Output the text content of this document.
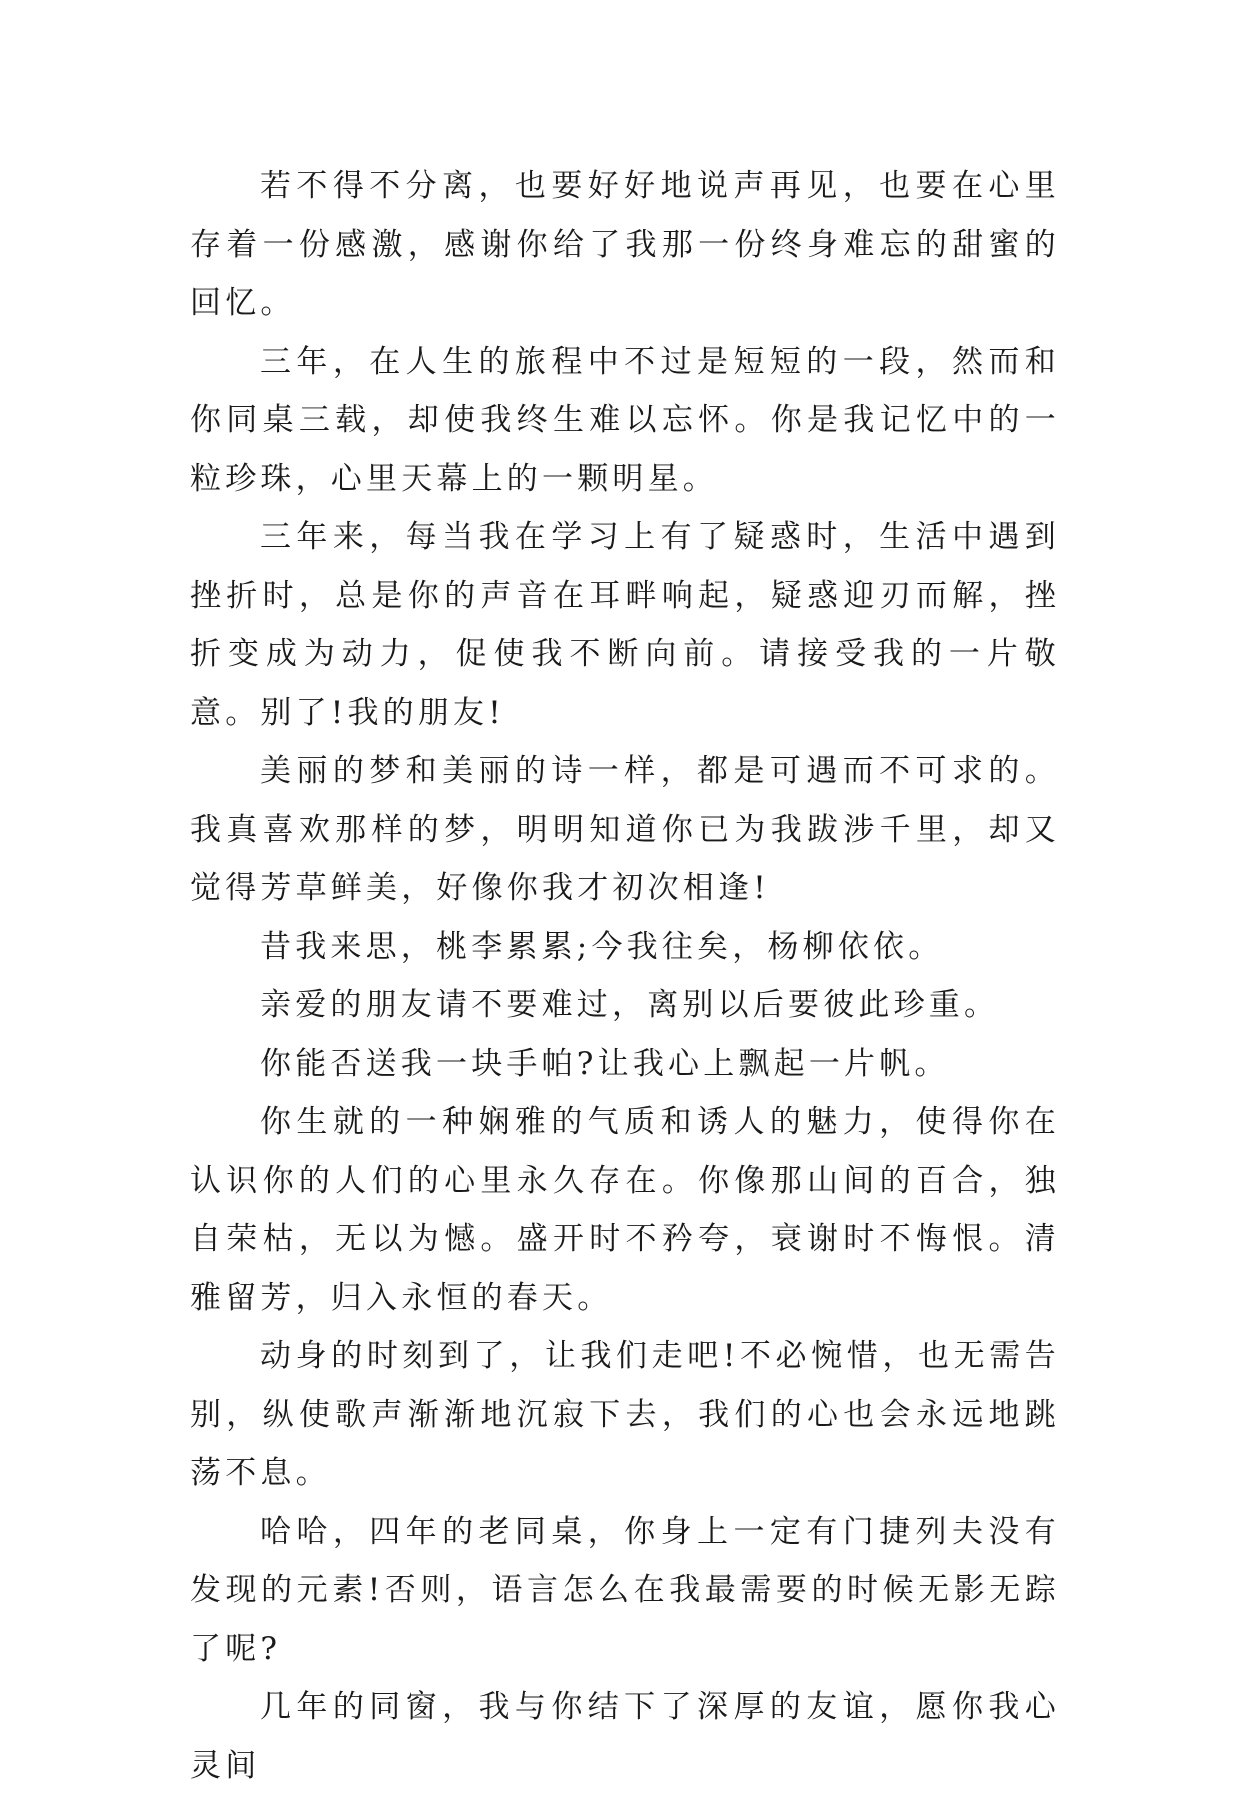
若不得不分离，也要好好地说声再见，也要在心里存着一份感激，感谢你给了我那一份终身难忘的甜蜜的回忆。

三年，在人生的旅程中不过是短短的一段，然而和你同桌三载，却使我终生难以忘怀。你是我记忆中的一粒珍珠，心里天幕上的一颗明星。

三年来，每当我在学习上有了疑惑时，生活中遇到挫折时，总是你的声音在耳畔响起，疑惑迎刃而解，挫折变成为动力，促使我不断向前。请接受我的一片敬意。别了!我的朋友!

美丽的梦和美丽的诗一样，都是可遇而不可求的。我真喜欢那样的梦，明明知道你已为我跋涉千里，却又觉得芳草鲜美，好像你我才初次相逢!

昔我来思，桃李累累;今我往矣，杨柳依依。

亲爱的朋友请不要难过，离别以后要彼此珍重。

你能否送我一块手帕?让我心上飘起一片帆。

你生就的一种娴雅的气质和诱人的魅力，使得你在认识你的人们的心里永久存在。你像那山间的百合，独自荣枯，无以为憾。盛开时不矜夸，衰谢时不悔恨。清雅留芳，归入永恒的春天。

动身的时刻到了，让我们走吧!不必惋惜，也无需告别，纵使歌声渐渐地沉寂下去，我们的心也会永远地跳荡不息。

哈哈，四年的老同桌，你身上一定有门捷列夫没有发现的元素!否则，语言怎么在我最需要的时候无影无踪了呢?

几年的同窗，我与你结下了深厚的友谊，愿你我心灵间
